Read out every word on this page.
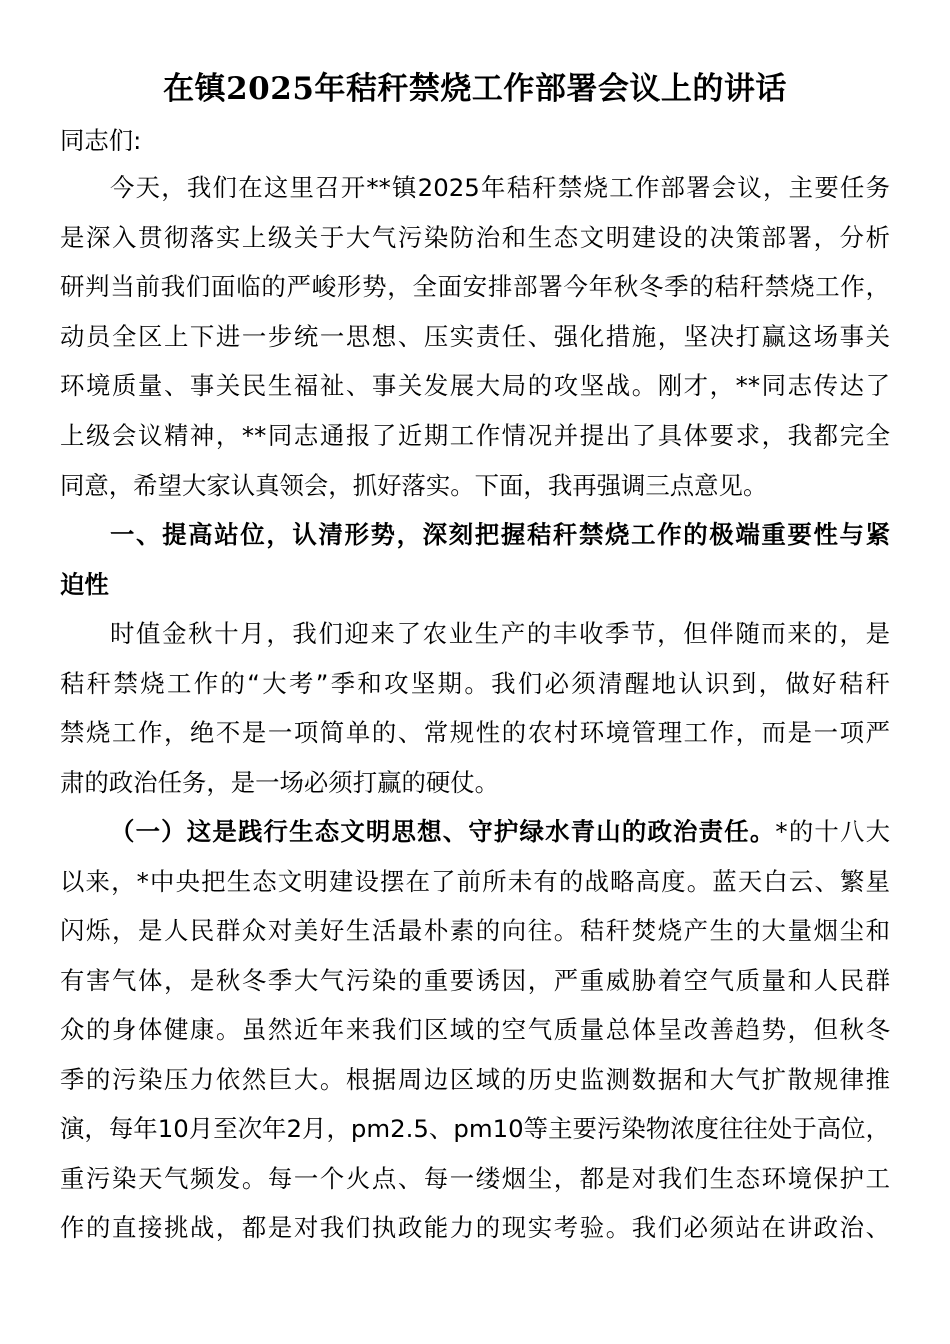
在镇2025年秸秆禁烧工作部署会议上的讲话
同志们:
今天，我们在这里召开**镇2025年秸秆禁烧工作部署会议，主要任务
是深入贯彻落实上级关于大气污染防治和生态文明建设的决策部署，分析
研判当前我们面临的严峻形势，全面安排部署今年秋冬季的秸秆禁烧工作，
动员全区上下进一步统一思想、压实责任、强化措施，坚决打赢这场事关
环境质量、事关民生福祉、事关发展大局的攻坚战。刚才，**同志传达了
上级会议精神，**同志通报了近期工作情况并提出了具体要求，我都完全
同意，希望大家认真领会，抓好落实。下面，我再强调三点意见。
一、提高站位，认清形势，深刻把握秸秆禁烧工作的极端重要性与紧
迫性
时值金秋十月，我们迎来了农业生产的丰收季节，但伴随而来的，是
秸秆禁烧工作的“大考”季和攻坚期。我们必须清醒地认识到，做好秸秆
禁烧工作，绝不是一项简单的、常规性的农村环境管理工作，而是一项严
肃的政治任务，是一场必须打赢的硬仗。
（一）这是践行生态文明思想、守护绿水青山的政治责任。*的十八大
以来，*中央把生态文明建设摆在了前所未有的战略高度。蓝天白云、繁星
闪烁，是人民群众对美好生活最朴素的向往。秸秆焚烧产生的大量烟尘和
有害气体，是秋冬季大气污染的重要诱因，严重威胁着空气质量和人民群
众的身体健康。虽然近年来我们区域的空气质量总体呈改善趋势，但秋冬
季的污染压力依然巨大。根据周边区域的历史监测数据和大气扩散规律推
演，每年10月至次年2月，pm2.5、pm10等主要污染物浓度往往处于高位，
重污染天气频发。每一个火点、每一缕烟尘，都是对我们生态环境保护工
作的直接挑战，都是对我们执政能力的现实考验。我们必须站在讲政治、
